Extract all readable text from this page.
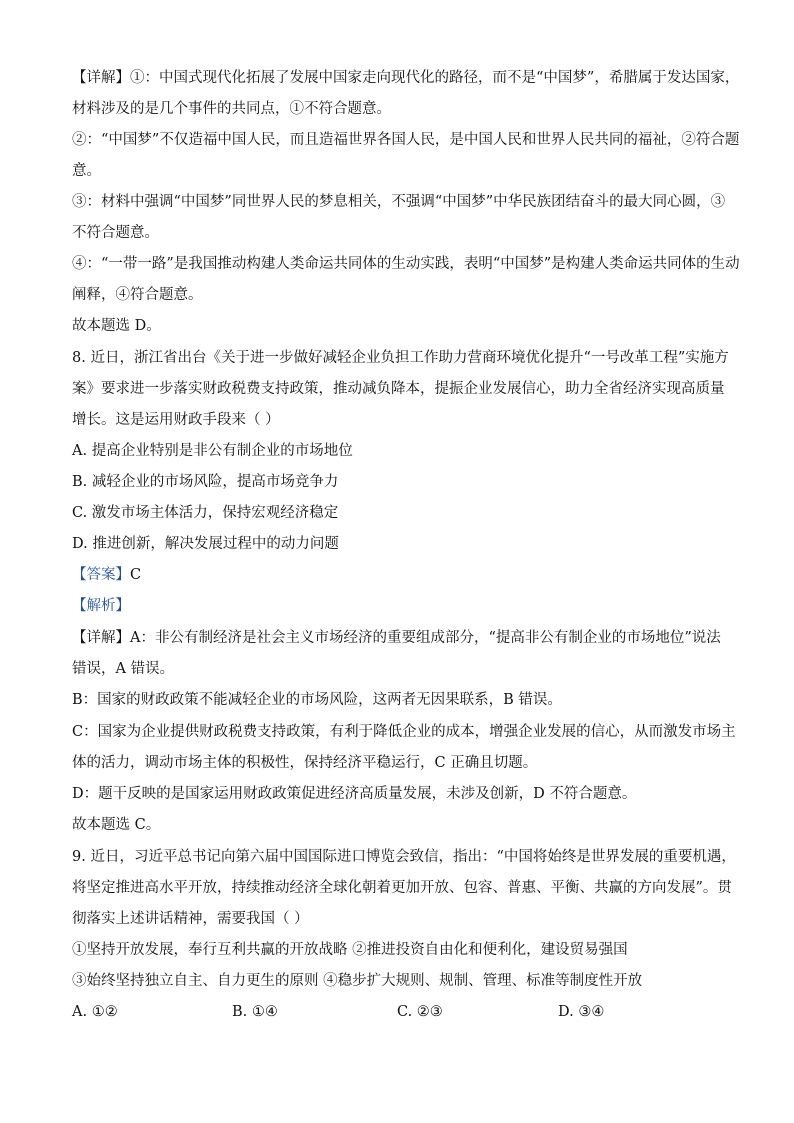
【详解】①：中国式现代化拓展了发展中国家走向现代化的路径，而不是“中国梦”，希腊属于发达国家，
材料涉及的是几个事件的共同点，①不符合题意。
②：“中国梦”不仅造福中国人民，而且造福世界各国人民，是中国人民和世界人民共同的福祉，②符合题
意。
③：材料中强调“中国梦”同世界人民的梦息相关，不强调“中国梦”中华民族团结奋斗的最大同心圆，③
不符合题意。
④：“一带一路”是我国推动构建人类命运共同体的生动实践，表明“中国梦”是构建人类命运共同体的生动
阐释，④符合题意。
故本题选 D。
8. 近日，浙江省出台《关于进一步做好减轻企业负担工作助力营商环境优化提升“一号改革工程”实施方
案》要求进一步落实财政税费支持政策，推动减负降本，提振企业发展信心，助力全省经济实现高质量
增长。这是运用财政手段来（ ）
A. 提高企业特别是非公有制企业的市场地位
B. 减轻企业的市场风险，提高市场竞争力
C. 激发市场主体活力，保持宏观经济稳定
D. 推进创新，解决发展过程中的动力问题
【答案】C
【解析】
【详解】A：非公有制经济是社会主义市场经济的重要组成部分，“提高非公有制企业的市场地位”说法
错误，A 错误。
B：国家的财政政策不能减轻企业的市场风险，这两者无因果联系，B 错误。
C：国家为企业提供财政税费支持政策，有利于降低企业的成本，增强企业发展的信心，从而激发市场主
体的活力，调动市场主体的积极性，保持经济平稳运行，C 正确且切题。
D：题干反映的是国家运用财政政策促进经济高质量发展，未涉及创新，D 不符合题意。
故本题选 C。
9. 近日，习近平总书记向第六届中国国际进口博览会致信，指出：“中国将始终是世界发展的重要机遇，
将坚定推进高水平开放，持续推动经济全球化朝着更加开放、包容、普惠、平衡、共赢的方向发展”。贯
彻落实上述讲话精神，需要我国（ ）
①坚持开放发展，奉行互利共赢的开放战略 ②推进投资自由化和便利化，建设贸易强国
③始终坚持独立自主、自力更生的原则 ④稳步扩大规则、规制、管理、标准等制度性开放
A. ①②	B. ①④	C. ②③	D. ③④
